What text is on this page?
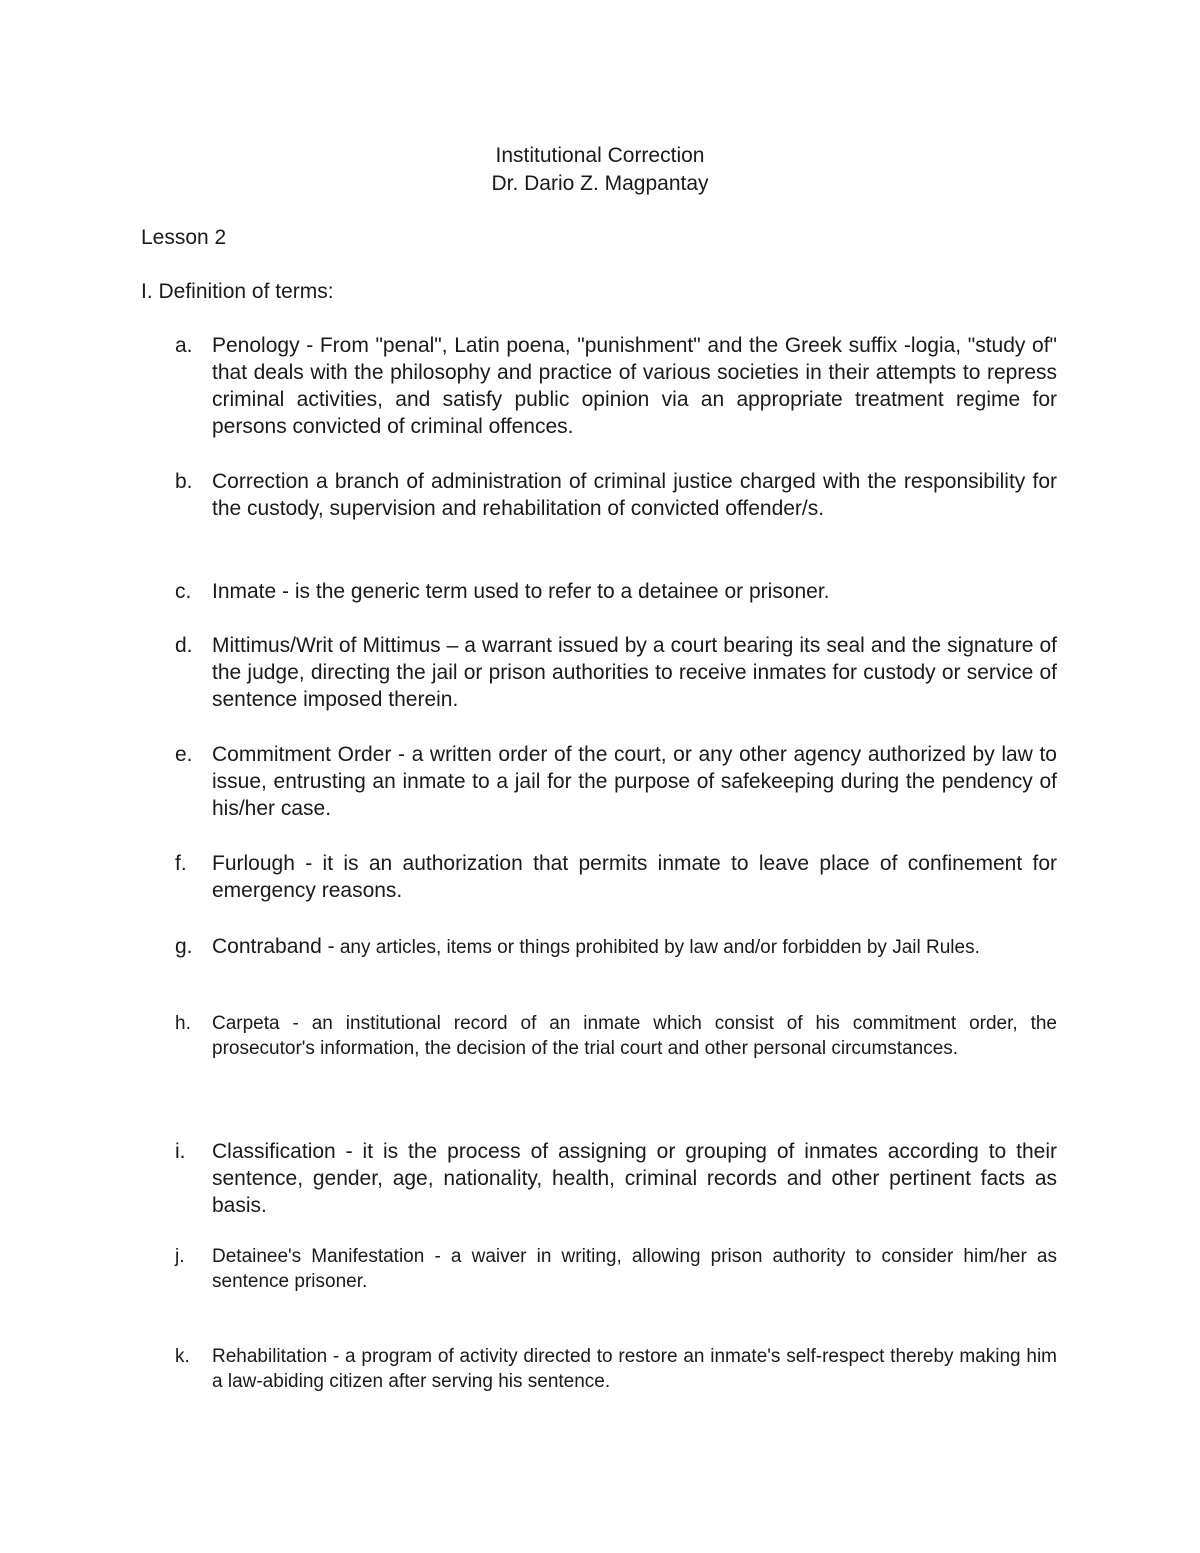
Institutional Correction
Dr. Dario Z. Magpantay
Lesson 2
I. Definition of terms:
a. Penology - From "penal", Latin poena, "punishment" and the Greek suffix -logia, "study of" that deals with the philosophy and practice of various societies in their attempts to repress criminal activities, and satisfy public opinion via an appropriate treatment regime for persons convicted of criminal offences.
b. Correction a branch of administration of criminal justice charged with the responsibility for the custody, supervision and rehabilitation of convicted offender/s.
c. Inmate - is the generic term used to refer to a detainee or prisoner.
d. Mittimus/Writ of Mittimus – a warrant issued by a court bearing its seal and the signature of the judge, directing the jail or prison authorities to receive inmates for custody or service of sentence imposed therein.
e. Commitment Order - a written order of the court, or any other agency authorized by law to issue, entrusting an inmate to a jail for the purpose of safekeeping during the pendency of his/her case.
f.	Furlough - it is an authorization that permits inmate to leave place of confinement for emergency reasons.
g. Contraband - any articles, items or things prohibited by law and/or forbidden by Jail Rules.
h.	Carpeta - an institutional record of an inmate which consist of his commitment order, the prosecutor's information, the decision of the trial court and other personal circumstances.
i.	Classification - it is the process of assigning or grouping of inmates according to their sentence, gender, age, nationality, health, criminal records and other pertinent facts as basis.
j.	Detainee's Manifestation - a waiver in writing, allowing prison authority to consider him/her as sentence prisoner.
k.	Rehabilitation - a program of activity directed to restore an inmate's self-respect thereby making him a law-abiding citizen after serving his sentence.
